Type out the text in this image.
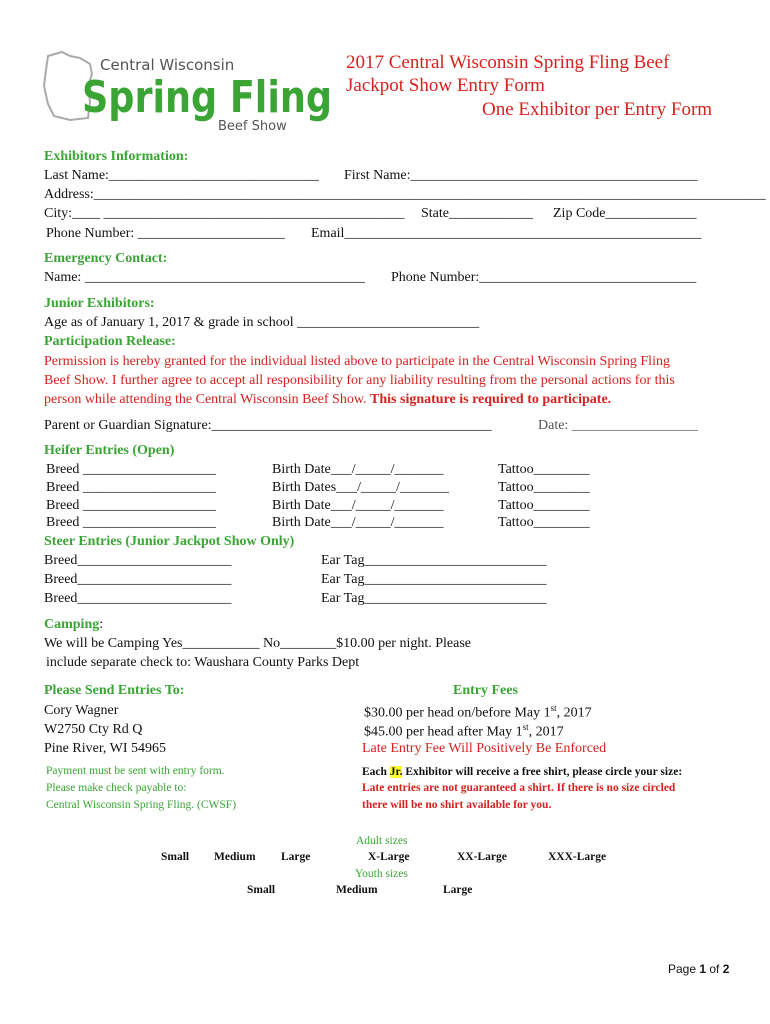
Central Wisconsin
Spring Fling
Beef Show
2017 Central Wisconsin Spring Fling Beef
Jackpot Show Entry Form
One Exhibitor per Entry Form
Exhibitors Information:
Last Name:______________________________ First Name:_________________________________________
Address:________________________________________________________________________________________________
City:____ ___________________________________________ State____________ Zip Code_____________
Phone Number: _____________________ Email___________________________________________________
Emergency Contact:
Name: ________________________________________ Phone Number:_______________________________
Junior Exhibitors:
Age as of January 1, 2017 & grade in school __________________________
Participation Release:
Permission is hereby granted for the individual listed above to participate in the Central Wisconsin Spring Fling
Beef Show. I further agree to accept all responsibility for any liability resulting from the personal actions for this
person while attending the Central Wisconsin Beef Show. This signature is required to participate.
Parent or Guardian Signature:________________________________________	Date: __________________
Heifer Entries (Open)
Breed ___________________	Birth Date___/_____/_______	Tattoo________
Breed ___________________	Birth Dates___/_____/_______	Tattoo________
Breed ___________________	Birth Date___/_____/_______	Tattoo________
Breed ___________________	Birth Date___/_____/_______	Tattoo________
Steer Entries (Junior Jackpot Show Only)
Breed______________________	Ear Tag__________________________
Breed______________________	Ear Tag__________________________
Breed______________________	Ear Tag__________________________
Camping:
We will be Camping Yes___________ No________$10.00 per night. Please
include separate check to: Waushara County Parks Dept
Please Send Entries To:
Cory Wagner
W2750 Cty Rd Q
Pine River, WI 54965
Payment must be sent with entry form.
Please make check payable to:
Central Wisconsin Spring Fling. (CWSF)
Entry Fees
$30.00 per head on/before May 1st, 2017
$45.00 per head after May 1st, 2017
Late Entry Fee Will Positively Be Enforced
Each Jr. Exhibitor will receive a free shirt, please circle your size:
Late entries are not guaranteed a shirt. If there is no size circled
there will be no shirt available for you.
Adult sizes
Small Medium Large	X-Large	XX-Large	XXX-Large
Youth sizes
Small	Medium	Large
Page 1 of 2
